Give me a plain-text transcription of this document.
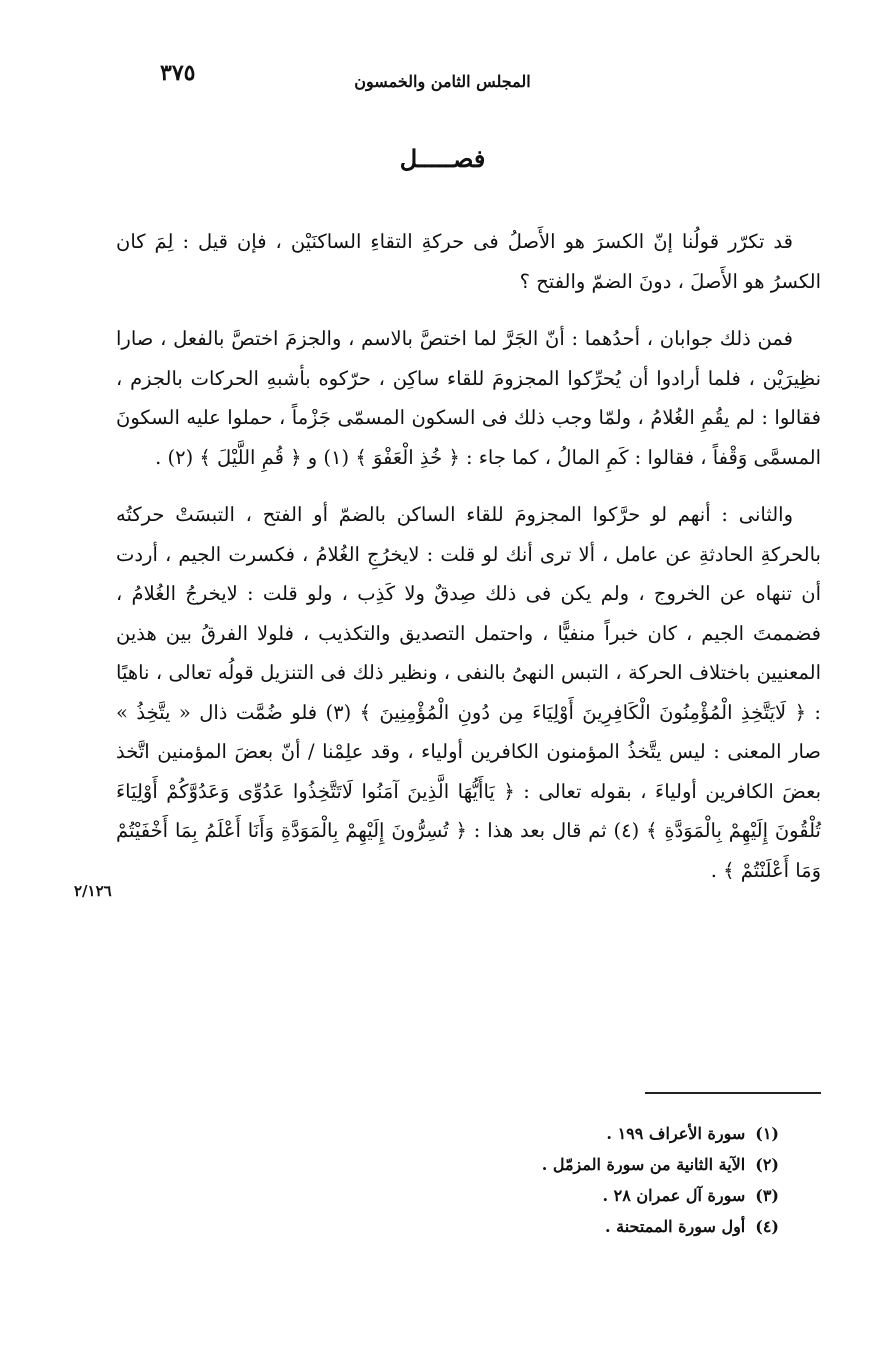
٣٧٥	المجلس الثامن والخمسون
فصـــــل

قد تكرّر قولُنا إنّ الكسرَ هو الأَصلُ فى حركةِ التقاءِ الساكنَيْن ، فإن قيل : لِمَ كان الكسرُ هو الأَصلَ ، دونَ الضمّ والفتح ؟

فمن ذلك جوابان ، أحدُهما : أنّ الجَرَّ لما اختصَّ بالاسم ، والجزمَ اختصَّ بالفعل ، صارا نظِيرَيْن ، فلما أرادوا أن يُحرِّكوا المجزومَ للقاء ساكِن ، حرّكوه بأشبهِ الحركات بالجزم ، فقالوا : لم يقُمِ الغُلامُ ، ولمّا وجب ذلك فى السكون المسمّى جَزْماً ، حملوا عليه السكونَ المسمَّى وَقْفاً ، فقالوا : كَمِ المالُ ، كما جاء : ﴿ خُذِ الْعَفْوَ ﴾ (١) و ﴿ قُمِ اللَّيْلَ ﴾ (٢) .

والثانى : أنهم لو حرَّكوا المجزومَ للقاء الساكن بالضمّ أو الفتح ، التبسَتْ حركتُه بالحركةِ الحادثةِ عن عامل ، ألا ترى أنك لو قلت : لايخرُجِ الغُلامُ ، فكسرت الجيم ، أردت أن تنهاه عن الخروج ، ولم يكن فى ذلك صِدقٌ ولا كَذِب ، ولو قلت : لايخرجُ الغُلامُ ، فضممتَ الجيم ، كان خبراً منفيًّا ، واحتمل التصديق والتكذيب ، فلولا الفرقُ بين هذين المعنيين باختلاف الحركة ، التبس النهىُ بالنفى ، ونظير ذلك فى التنزيل قولُه تعالى ، ناهيًا : ﴿ لَايَتَّخِذِ الْمُؤْمِنُونَ الْكَافِرِينَ أَوْلِيَاءَ مِن دُونِ الْمُؤْمِنِينَ ﴾ (٣) فلو ضُمَّت ذال « يتَّخِذُ » صار المعنى : ليس يتَّخذُ المؤمنون الكافرين أولياء ، وقد علِمْنا / أنّ بعضَ المؤمنين اتَّخذ بعضَ الكافرين أولياءَ ، بقوله تعالى : ﴿ يَاأَيُّهَا الَّذِينَ آمَنُوا لَاتَتَّخِذُوا عَدُوِّى وَعَدُوَّكُمْ أَوْلِيَاءَ تُلْقُونَ إِلَيْهِمْ بِالْمَوَدَّةِ ﴾ (٤) ثم قال بعد هذا : ﴿ تُسِرُّونَ إِلَيْهِمْ بِالْمَوَدَّةِ وَأَنَا أَعْلَمُ بِمَا أَخْفَيْتُمْ وَمَا أَعْلَنْتُمْ ﴾ .

٢/١٢٦
(١)سورة الأعراف ١٩٩ .
(٢)الآية الثانية من سورة المزمّل .
(٣)سورة آل عمران ٢٨ .
(٤)أول سورة الممتحنة .
